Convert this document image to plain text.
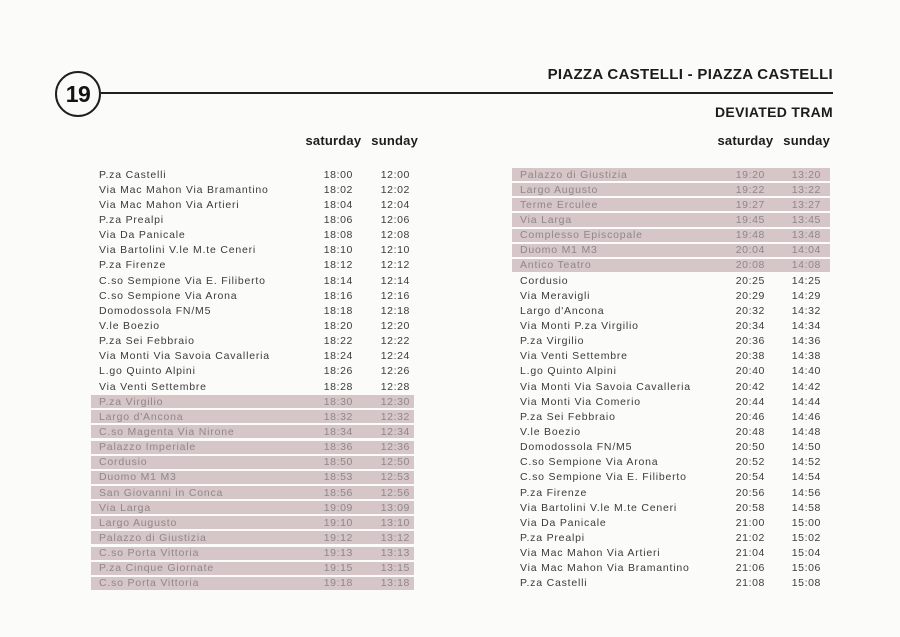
19
PIAZZA CASTELLI - PIAZZA CASTELLI
DEVIATED TRAM
saturday sunday	saturday sunday
P.za Castelli	18:00	12:00
Via Mac Mahon Via Bramantino	18:02	12:02
Via Mac Mahon Via Artieri	18:04	12:04
P.za Prealpi	18:06	12:06
Via Da Panicale	18:08	12:08
Via Bartolini V.le M.te Ceneri	18:10	12:10
P.za Firenze	18:12	12:12
C.so Sempione Via E. Filiberto	18:14	12:14
C.so Sempione Via Arona	18:16	12:16
Domodossola FN/M5	18:18	12:18
V.le Boezio	18:20	12:20
P.za Sei Febbraio	18:22	12:22
Via Monti Via Savoia Cavalleria	18:24	12:24
L.go Quinto Alpini	18:26	12:26
Via Venti Settembre	18:28	12:28
P.za Virgilio	18:30	12:30
Largo d'Ancona	18:32	12:32
C.so Magenta Via Nirone	18:34	12:34
Palazzo Imperiale	18:36	12:36
Cordusio	18:50	12:50
Duomo M1 M3	18:53	12:53
San Giovanni in Conca	18:56	12:56
Via Larga	19:09	13:09
Largo Augusto	19:10	13:10
Palazzo di Giustizia	19:12	13:12
C.so Porta Vittoria	19:13	13:13
P.za Cinque Giornate	19:15	13:15
C.so Porta Vittoria	19:18	13:18
Palazzo di Giustizia	19:20	13:20
Largo Augusto	19:22	13:22
Terme Erculee	19:27	13:27
Via Larga	19:45	13:45
Complesso Episcopale	19:48	13:48
Duomo M1 M3	20:04	14:04
Antico Teatro	20:08	14:08
Cordusio	20:25	14:25
Via Meravigli	20:29	14:29
Largo d'Ancona	20:32	14:32
Via Monti P.za Virgilio	20:34	14:34
P.za Virgilio	20:36	14:36
Via Venti Settembre	20:38	14:38
L.go Quinto Alpini	20:40	14:40
Via Monti Via Savoia Cavalleria	20:42	14:42
Via Monti Via Comerio	20:44	14:44
P.za Sei Febbraio	20:46	14:46
V.le Boezio	20:48	14:48
Domodossola FN/M5	20:50	14:50
C.so Sempione Via Arona	20:52	14:52
C.so Sempione Via E. Filiberto	20:54	14:54
P.za Firenze	20:56	14:56
Via Bartolini V.le M.te Ceneri	20:58	14:58
Via Da Panicale	21:00	15:00
P.za Prealpi	21:02	15:02
Via Mac Mahon Via Artieri	21:04	15:04
Via Mac Mahon Via Bramantino	21:06	15:06
P.za Castelli	21:08	15:08
